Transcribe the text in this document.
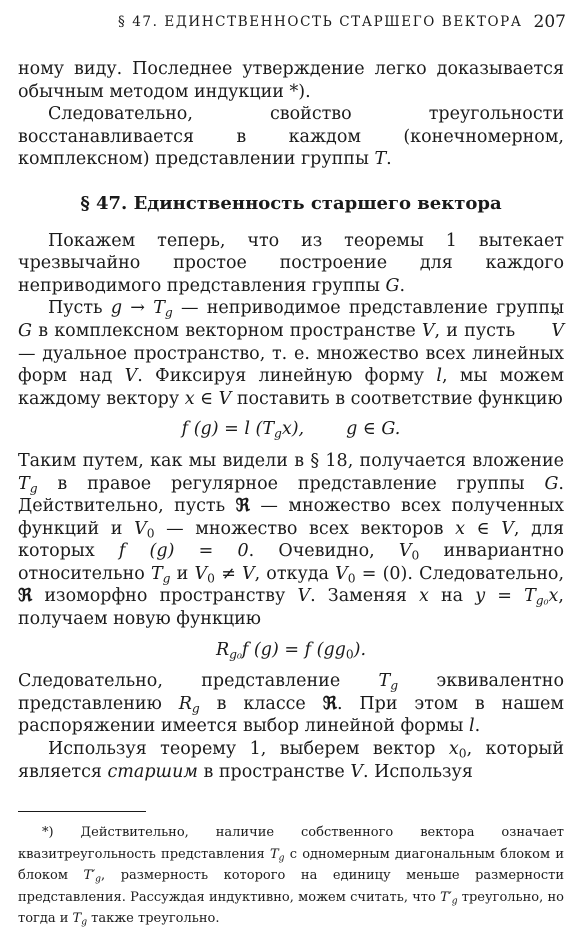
§ 47. ЕДИНСТВЕННОСТЬ СТАРШЕГО ВЕКТОРА 207

ному виду. Последнее утверждение легко доказывается обычным методом индукции *).

Следовательно, свойство треугольности восстанавливается в каждом (конечномерном, комплексном) представлении группы T.

§ 47. Единственность старшего вектора

Покажем теперь, что из теоремы 1 вытекает чрезвычайно простое построение для каждого неприводимого представления группы G.

Пусть $g \to T_g$ — неприводимое представление группы G в комплексном векторном пространстве V, и пусть ˆ V — дуальное пространство, т. е. множество всех линейных форм над V. Фиксируя линейную форму l, мы можем каждому вектору x ∈ V поставить в соответствие функцию

f (g) = l $(T_gx)$, g ∈ G.

Таким путем, как мы видели в § 18, получается вложение $T_g$ в правое регулярное представление группы G. Действительно, пусть ℜ — множество всех полученных функций и $V_0$ — множество всех векторов x ∈ V, для которых f (g) = 0. Очевидно, $V_0$ инвариантно относительно $T_g$ и $V_0 \ne V$, откуда $V_0 = (0)$. Следовательно, ℜ изоморфно пространству V. Заменяя x на $y = T_{g_0}x$, получаем новую функцию

$R_{g_0}f$ (g) = f $(gg_0)$.

Следовательно, представление $T_g$ эквивалентно представлению $R_g$ в классе ℜ. При этом в нашем распоряжении имеется выбор линейной формы l.

Используя теорему 1, выберем вектор $x_0$, который является старшим в пространстве V. Используя

*) Действительно, наличие собственного вектора означает квазитреугольность представления $T_g$ с одномерным диагональным блоком и блоком $T'_g$, размерность которого на единицу меньше размерности представления. Рассуждая индуктивно, можем считать, что $T'_g$ треугольно, но тогда и $T_g$ также треугольно.
